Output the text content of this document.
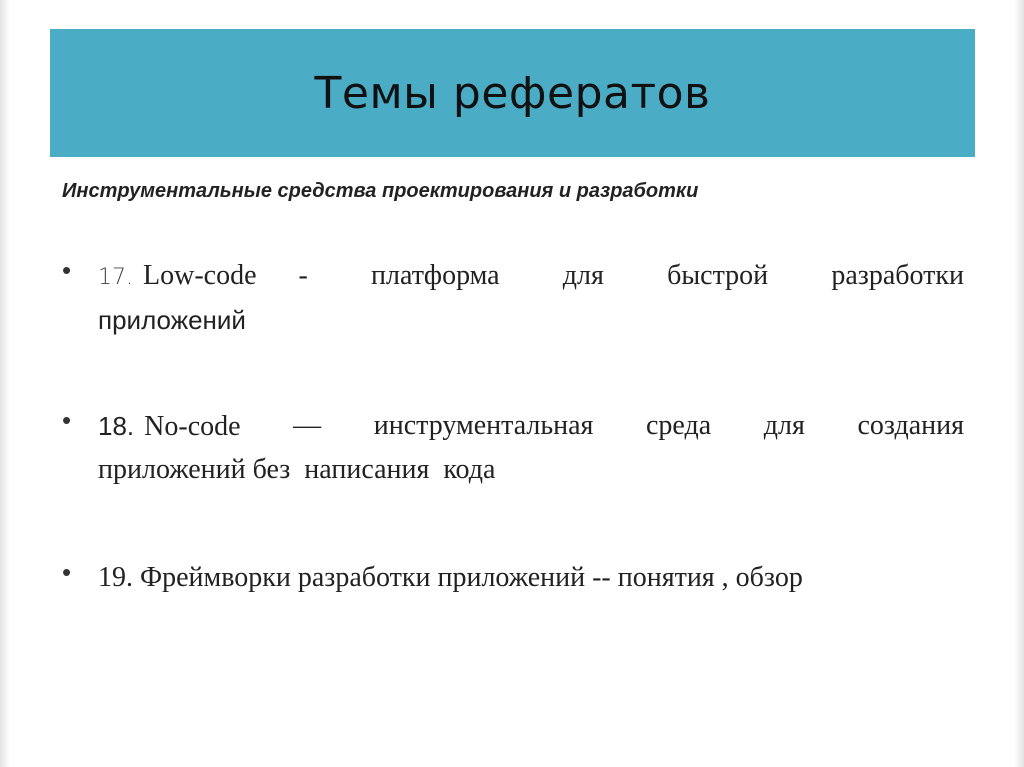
Темы рефератов
Инструментальные средства проектирования и разработки
• 17. Low-code - платформа для быстрой разработки
приложений
• 18. No-code — инструментальная среда для создания
приложений без  написания  кода
• 19. Фреймворки разработки приложений -- понятия , обзор
